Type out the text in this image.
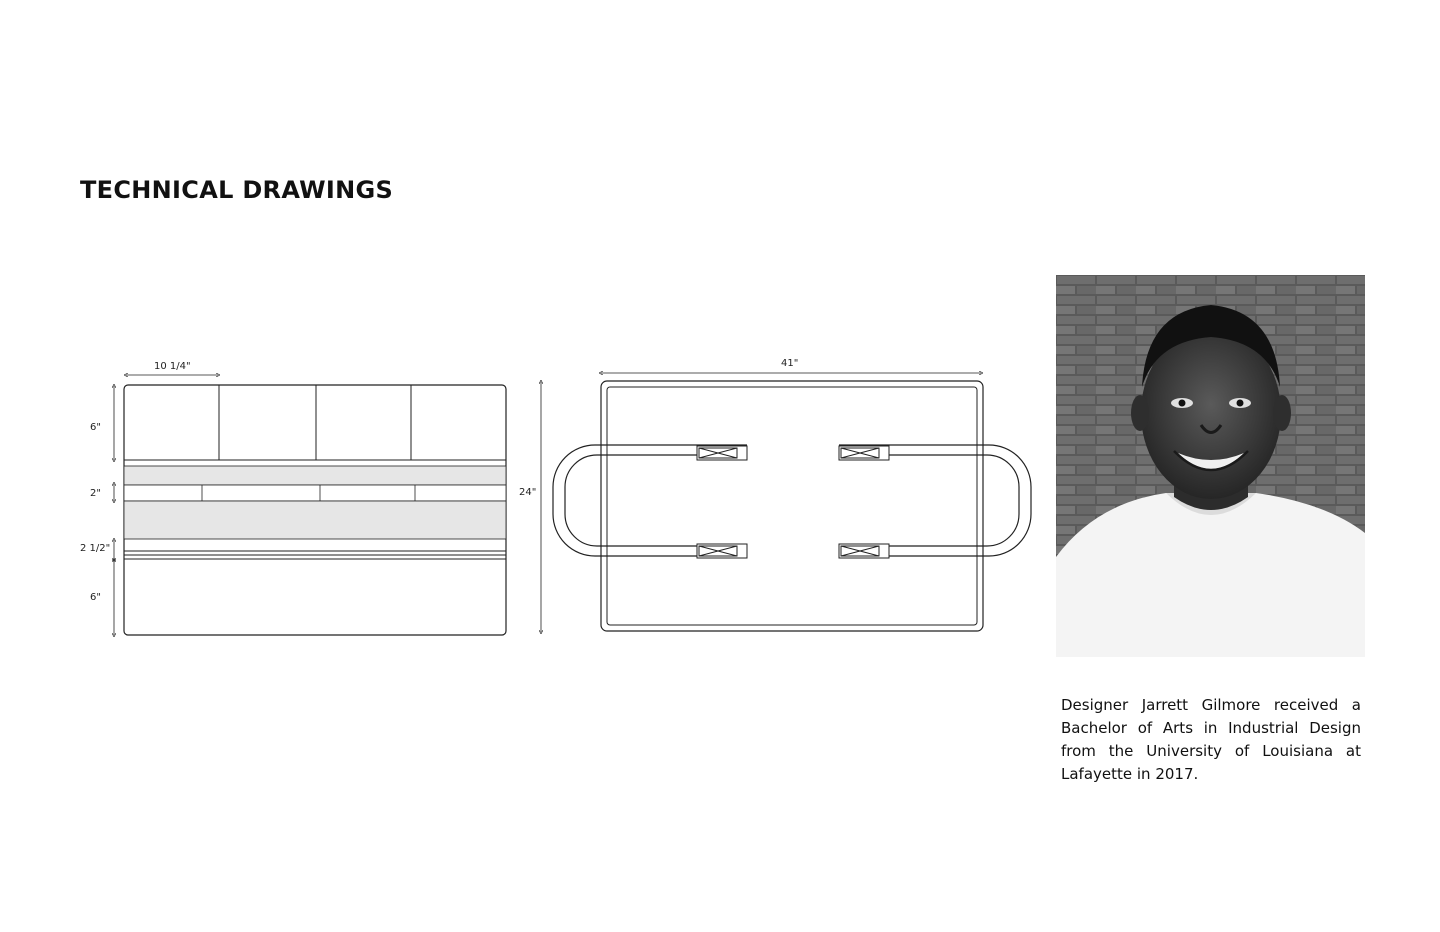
TECHNICAL DRAWINGS
10 1/4"
6"
2"
2 1/2"
6"
41"
24"

Designer Jarrett Gilmore received a Bachelor of Arts in Industrial Design from the University of Louisiana at Lafayette in 2017.
